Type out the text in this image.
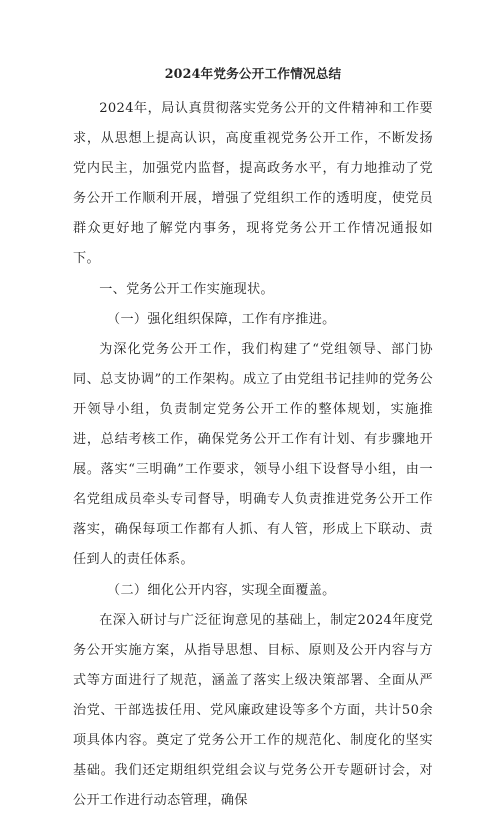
2024年党务公开工作情况总结

2024年，局认真贯彻落实党务公开的文件精神和工作要求，从思想上提高认识，高度重视党务公开工作，不断发扬党内民主，加强党内监督，提高政务水平，有力地推动了党务公开工作顺利开展，增强了党组织工作的透明度，使党员群众更好地了解党内事务，现将党务公开工作情况通报如下。

一、党务公开工作实施现状。

（一）强化组织保障，工作有序推进。

为深化党务公开工作，我们构建了“党组领导、部门协同、总支协调”的工作架构。成立了由党组书记挂帅的党务公开领导小组，负责制定党务公开工作的整体规划，实施推进，总结考核工作，确保党务公开工作有计划、有步骤地开展。落实“三明确”工作要求，领导小组下设督导小组，由一名党组成员牵头专司督导，明确专人负责推进党务公开工作落实，确保每项工作都有人抓、有人管，形成上下联动、责任到人的责任体系。

（二）细化公开内容，实现全面覆盖。

在深入研讨与广泛征询意见的基础上，制定2024年度党务公开实施方案，从指导思想、目标、原则及公开内容与方式等方面进行了规范，涵盖了落实上级决策部署、全面从严治党、干部选拔任用、党风廉政建设等多个方面，共计50余项具体内容。奠定了党务公开工作的规范化、制度化的坚实基础。我们还定期组织党组会议与党务公开专题研讨会，对公开工作进行动态管理，确保
